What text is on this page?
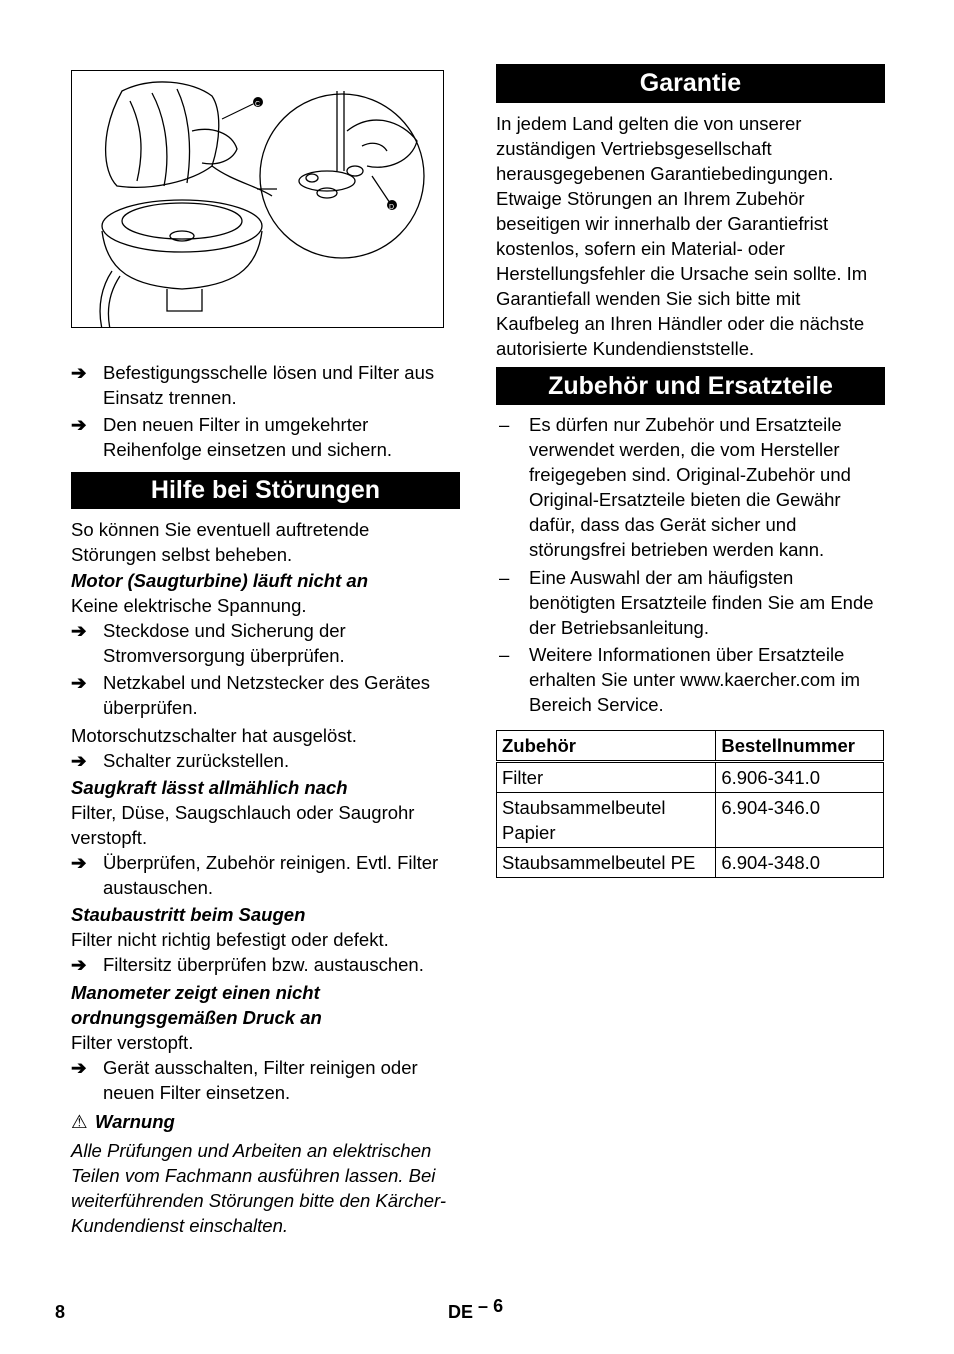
C
D
➔ Befestigungsschelle lösen und Filter aus Einsatz trennen.
➔ Den neuen Filter in umgekehrter Reihenfolge einsetzen und sichern.
Hilfe bei Störungen
So können Sie eventuell auftretende Störungen selbst beheben.
Motor (Saugturbine) läuft nicht an
Keine elektrische Spannung.
➔ Steckdose und Sicherung der Stromversorgung überprüfen.
➔ Netzkabel und Netzstecker des Gerätes überprüfen.
Motorschutzschalter hat ausgelöst.
➔ Schalter zurückstellen.
Saugkraft lässt allmählich nach
Filter, Düse, Saugschlauch oder Saugrohr verstopft.
➔ Überprüfen, Zubehör reinigen. Evtl. Filter austauschen.
Staubaustritt beim Saugen
Filter nicht richtig befestigt oder defekt.
➔ Filtersitz überprüfen bzw. austauschen.
Manometer zeigt einen nicht ordnungsgemäßen Druck an
Filter verstopft.
➔ Gerät ausschalten, Filter reinigen oder neuen Filter einsetzen.
⚠ Warnung
Alle Prüfungen und Arbeiten an elektrischen Teilen vom Fachmann ausführen lassen. Bei weiterführenden Störungen bitte den Kärcher-Kundendienst einschalten.
Garantie
In jedem Land gelten die von unserer zuständigen Vertriebsgesellschaft herausgegebenen Garantiebedingungen. Etwaige Störungen an Ihrem Zubehör beseitigen wir innerhalb der Garantiefrist kostenlos, sofern ein Material- oder Herstellungsfehler die Ursache sein sollte. Im Garantiefall wenden Sie sich bitte mit Kaufbeleg an Ihren Händler oder die nächste autorisierte Kundendienststelle.
Zubehör und Ersatzteile
– Es dürfen nur Zubehör und Ersatzteile verwendet werden, die vom Hersteller freigegeben sind. Original-Zubehör und Original-Ersatzteile bieten die Gewähr dafür, dass das Gerät sicher und störungsfrei betrieben werden kann.
– Eine Auswahl der am häufigsten benötigten Ersatzteile finden Sie am Ende der Betriebsanleitung.
– Weitere Informationen über Ersatzteile erhalten Sie unter www.kaercher.com im Bereich Service.
Zubehör	Bestellnummer
Filter	6.906-341.0
Staubsammelbeutel Papier	6.904-346.0
Staubsammelbeutel PE	6.904-348.0
8	DE – 6
